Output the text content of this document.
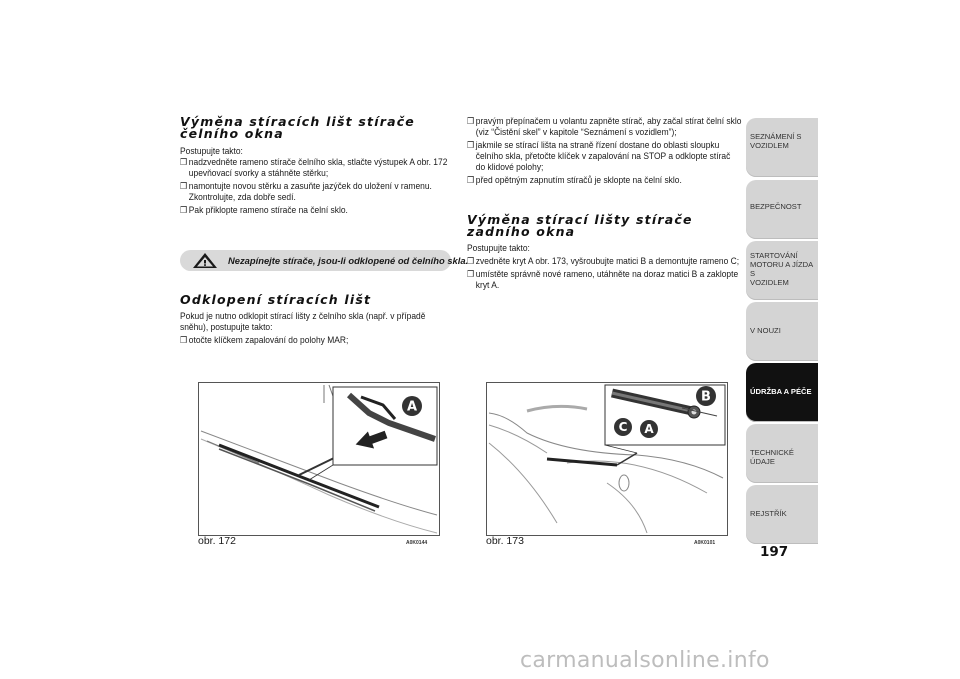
Výměna stíracích lišt stírače čelního okna

Postupujte takto:

❒ nadzvedněte rameno stírače čelního skla, stlačte výstupek A obr. 172 upevňovací svorky a stáhněte stěrku;

❒ namontujte novou stěrku a zasuňte jazýček do uložení v ramenu. Zkontrolujte, zda dobře sedí.

❒ Pak přiklopte rameno stírače na čelní sklo.

Nezapínejte stírače, jsou-li odklopené od čelního skla.
Odklopení stíracích lišt

Pokud je nutno odklopit stírací lišty z čelního skla (např. v případě sněhu), postupujte takto:

❒ otočte klíčkem zapalování do polohy MAR;

A
obr. 172	A0K0144

❒ pravým přepínačem u volantu zapněte stírač, aby začal stírat čelní sklo (viz “Čistění skel” v kapitole “Seznámení s vozidlem”);

❒ jakmile se stírací lišta na straně řízení dostane do oblasti sloupku čelního skla, přetočte klíček v zapalování na STOP a odklopte stírač do klidové polohy;

❒ před opětným zapnutím stíračů je sklopte na čelní sklo.

Výměna stírací lišty stírače zadního okna

Postupujte takto:

❒ zvedněte kryt A obr. 173, vyšroubujte matici B a demontujte rameno C;

❒ umístěte správně nové rameno, utáhněte na doraz matici B a zaklopte kryt A.

B
C A
obr. 173	A0K0101
SEZNÁMENÍ S
VOZIDLEM
BEZPEČNOST
STARTOVÁNÍ
MOTORU A JÍZDA S
VOZIDLEM
V NOUZI
ÚDRŽBA A PÉČE
TECHNICKÉ ÚDAJE
REJSTŘÍK
197
carmanualsonline.info
